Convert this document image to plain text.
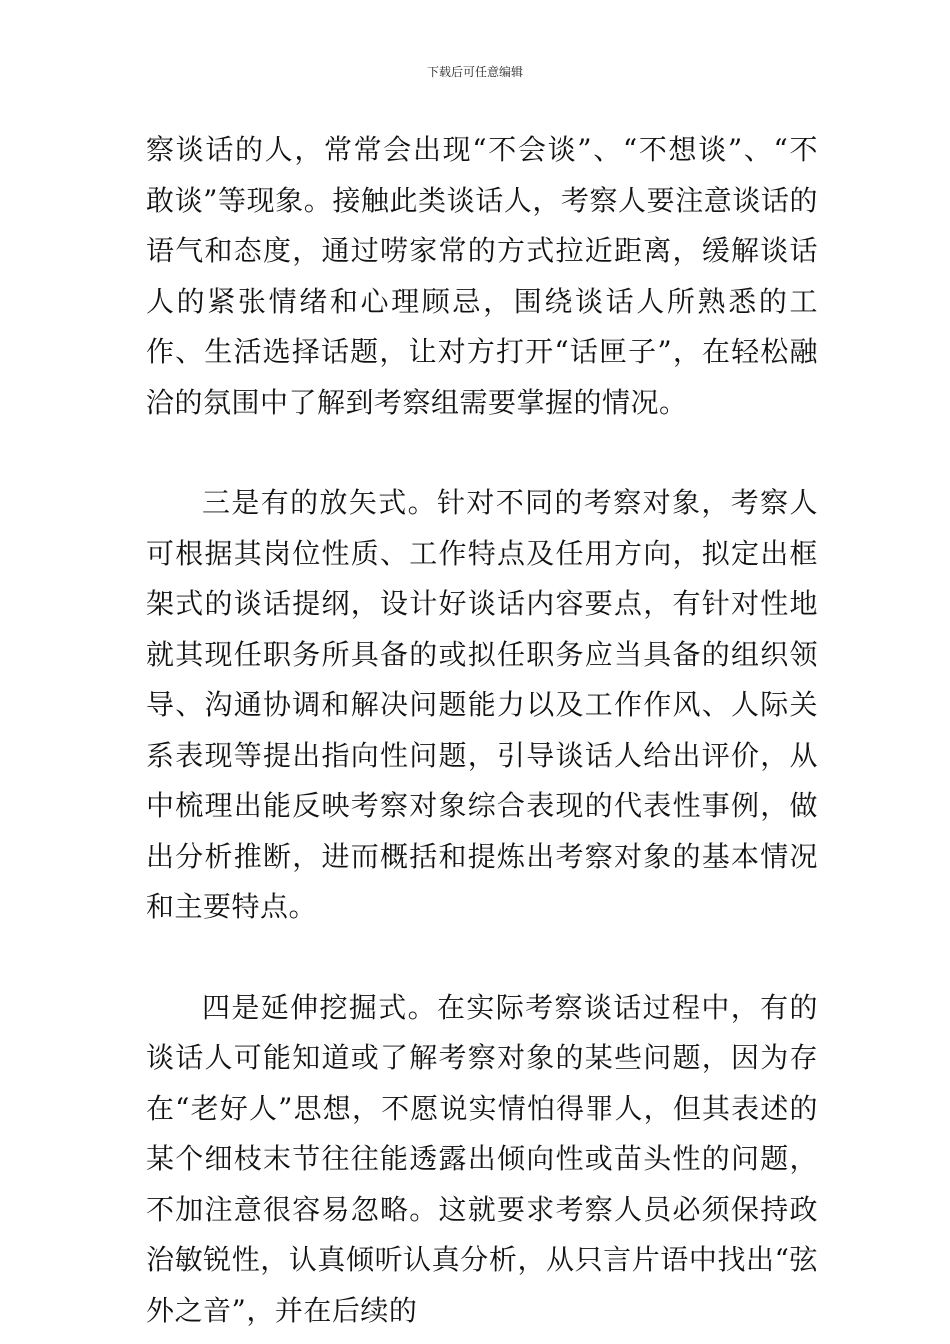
下载后可任意编辑

察谈话的人，常常会出现“不会谈”、“不想谈”、“不敢谈”等现象。接触此类谈话人，考察人要注意谈话的语气和态度，通过唠家常的方式拉近距离，缓解谈话人的紧张情绪和心理顾忌，围绕谈话人所熟悉的工作、生活选择话题，让对方打开“话匣子”，在轻松融洽的氛围中了解到考察组需要掌握的情况。

三是有的放矢式。针对不同的考察对象，考察人可根据其岗位性质、工作特点及任用方向，拟定出框架式的谈话提纲，设计好谈话内容要点，有针对性地就其现任职务所具备的或拟任职务应当具备的组织领导、沟通协调和解决问题能力以及工作作风、人际关系表现等提出指向性问题，引导谈话人给出评价，从中梳理出能反映考察对象综合表现的代表性事例，做出分析推断，进而概括和提炼出考察对象的基本情况和主要特点。

四是延伸挖掘式。在实际考察谈话过程中，有的谈话人可能知道或了解考察对象的某些问题，因为存在“老好人”思想，不愿说实情怕得罪人，但其表述的某个细枝末节往往能透露出倾向性或苗头性的问题，不加注意很容易忽略。这就要求考察人员必须保持政治敏锐性，认真倾听认真分析，从只言片语中找出“弦外之音”，并在后续的
